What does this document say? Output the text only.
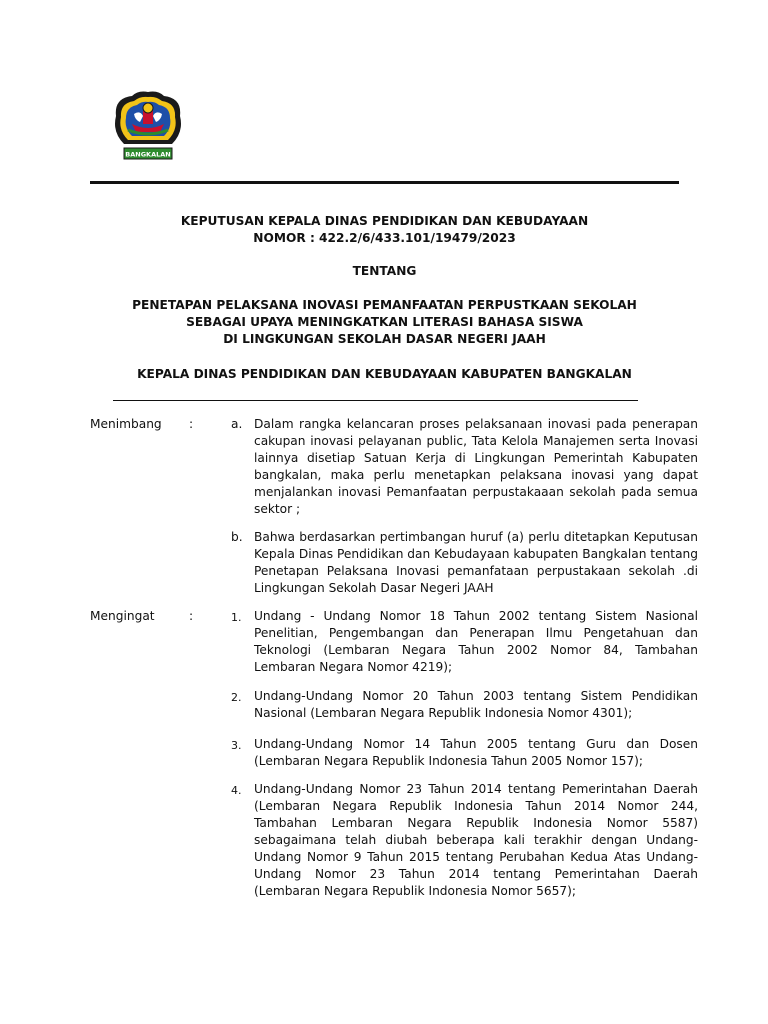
BANGKALAN

KEPUTUSAN KEPALA DINAS PENDIDIKAN DAN KEBUDAYAAN
NOMOR : 422.2/6/433.101/19479/2023

TENTANG

PENETAPAN PELAKSANA INOVASI PEMANFAATAN PERPUSTKAAN SEKOLAH
SEBAGAI UPAYA MENINGKATKAN LITERASI BAHASA SISWA
DI LINGKUNGAN SEKOLAH DASAR NEGERI JAAH

KEPALA DINAS PENDIDIKAN DAN KEBUDAYAAN KABUPATEN BANGKALAN

Menimbang :	a. Dalam rangka kelancaran proses pelaksanaan inovasi pada penerapan cakupan inovasi pelayanan public, Tata Kelola Manajemen serta Inovasi lainnya disetiap Satuan Kerja di Lingkungan Pemerintah Kabupaten bangkalan, maka perlu menetapkan pelaksana inovasi yang dapat menjalankan inovasi Pemanfaatan perpustakaaan sekolah pada semua sektor ;

b. Bahwa berdasarkan pertimbangan huruf (a) perlu ditetapkan Keputusan Kepala Dinas Pendidikan dan Kebudayaan kabupaten Bangkalan tentang Penetapan Pelaksana Inovasi pemanfataan perpustakaan sekolah .di Lingkungan Sekolah Dasar Negeri JAAH

Mengingat	:	1. Undang - Undang Nomor 18 Tahun 2002 tentang Sistem Nasional Penelitian, Pengembangan dan Penerapan Ilmu Pengetahuan dan Teknologi (Lembaran Negara Tahun 2002 Nomor 84, Tambahan Lembaran Negara Nomor 4219);

2. Undang-Undang Nomor 20 Tahun 2003 tentang Sistem Pendidikan Nasional (Lembaran Negara Republik Indonesia Nomor 4301);

3. Undang-Undang Nomor 14 Tahun 2005 tentang Guru dan Dosen (Lembaran Negara Republik Indonesia Tahun 2005 Nomor 157);

4. Undang-Undang Nomor 23 Tahun 2014 tentang Pemerintahan Daerah (Lembaran Negara Republik Indonesia Tahun 2014 Nomor 244, Tambahan Lembaran Negara Republik Indonesia Nomor 5587) sebagaimana telah diubah beberapa kali terakhir dengan Undang-Undang Nomor 9 Tahun 2015 tentang Perubahan Kedua Atas Undang-Undang Nomor 23 Tahun 2014 tentang Pemerintahan Daerah (Lembaran Negara Republik Indonesia Nomor 5657);
